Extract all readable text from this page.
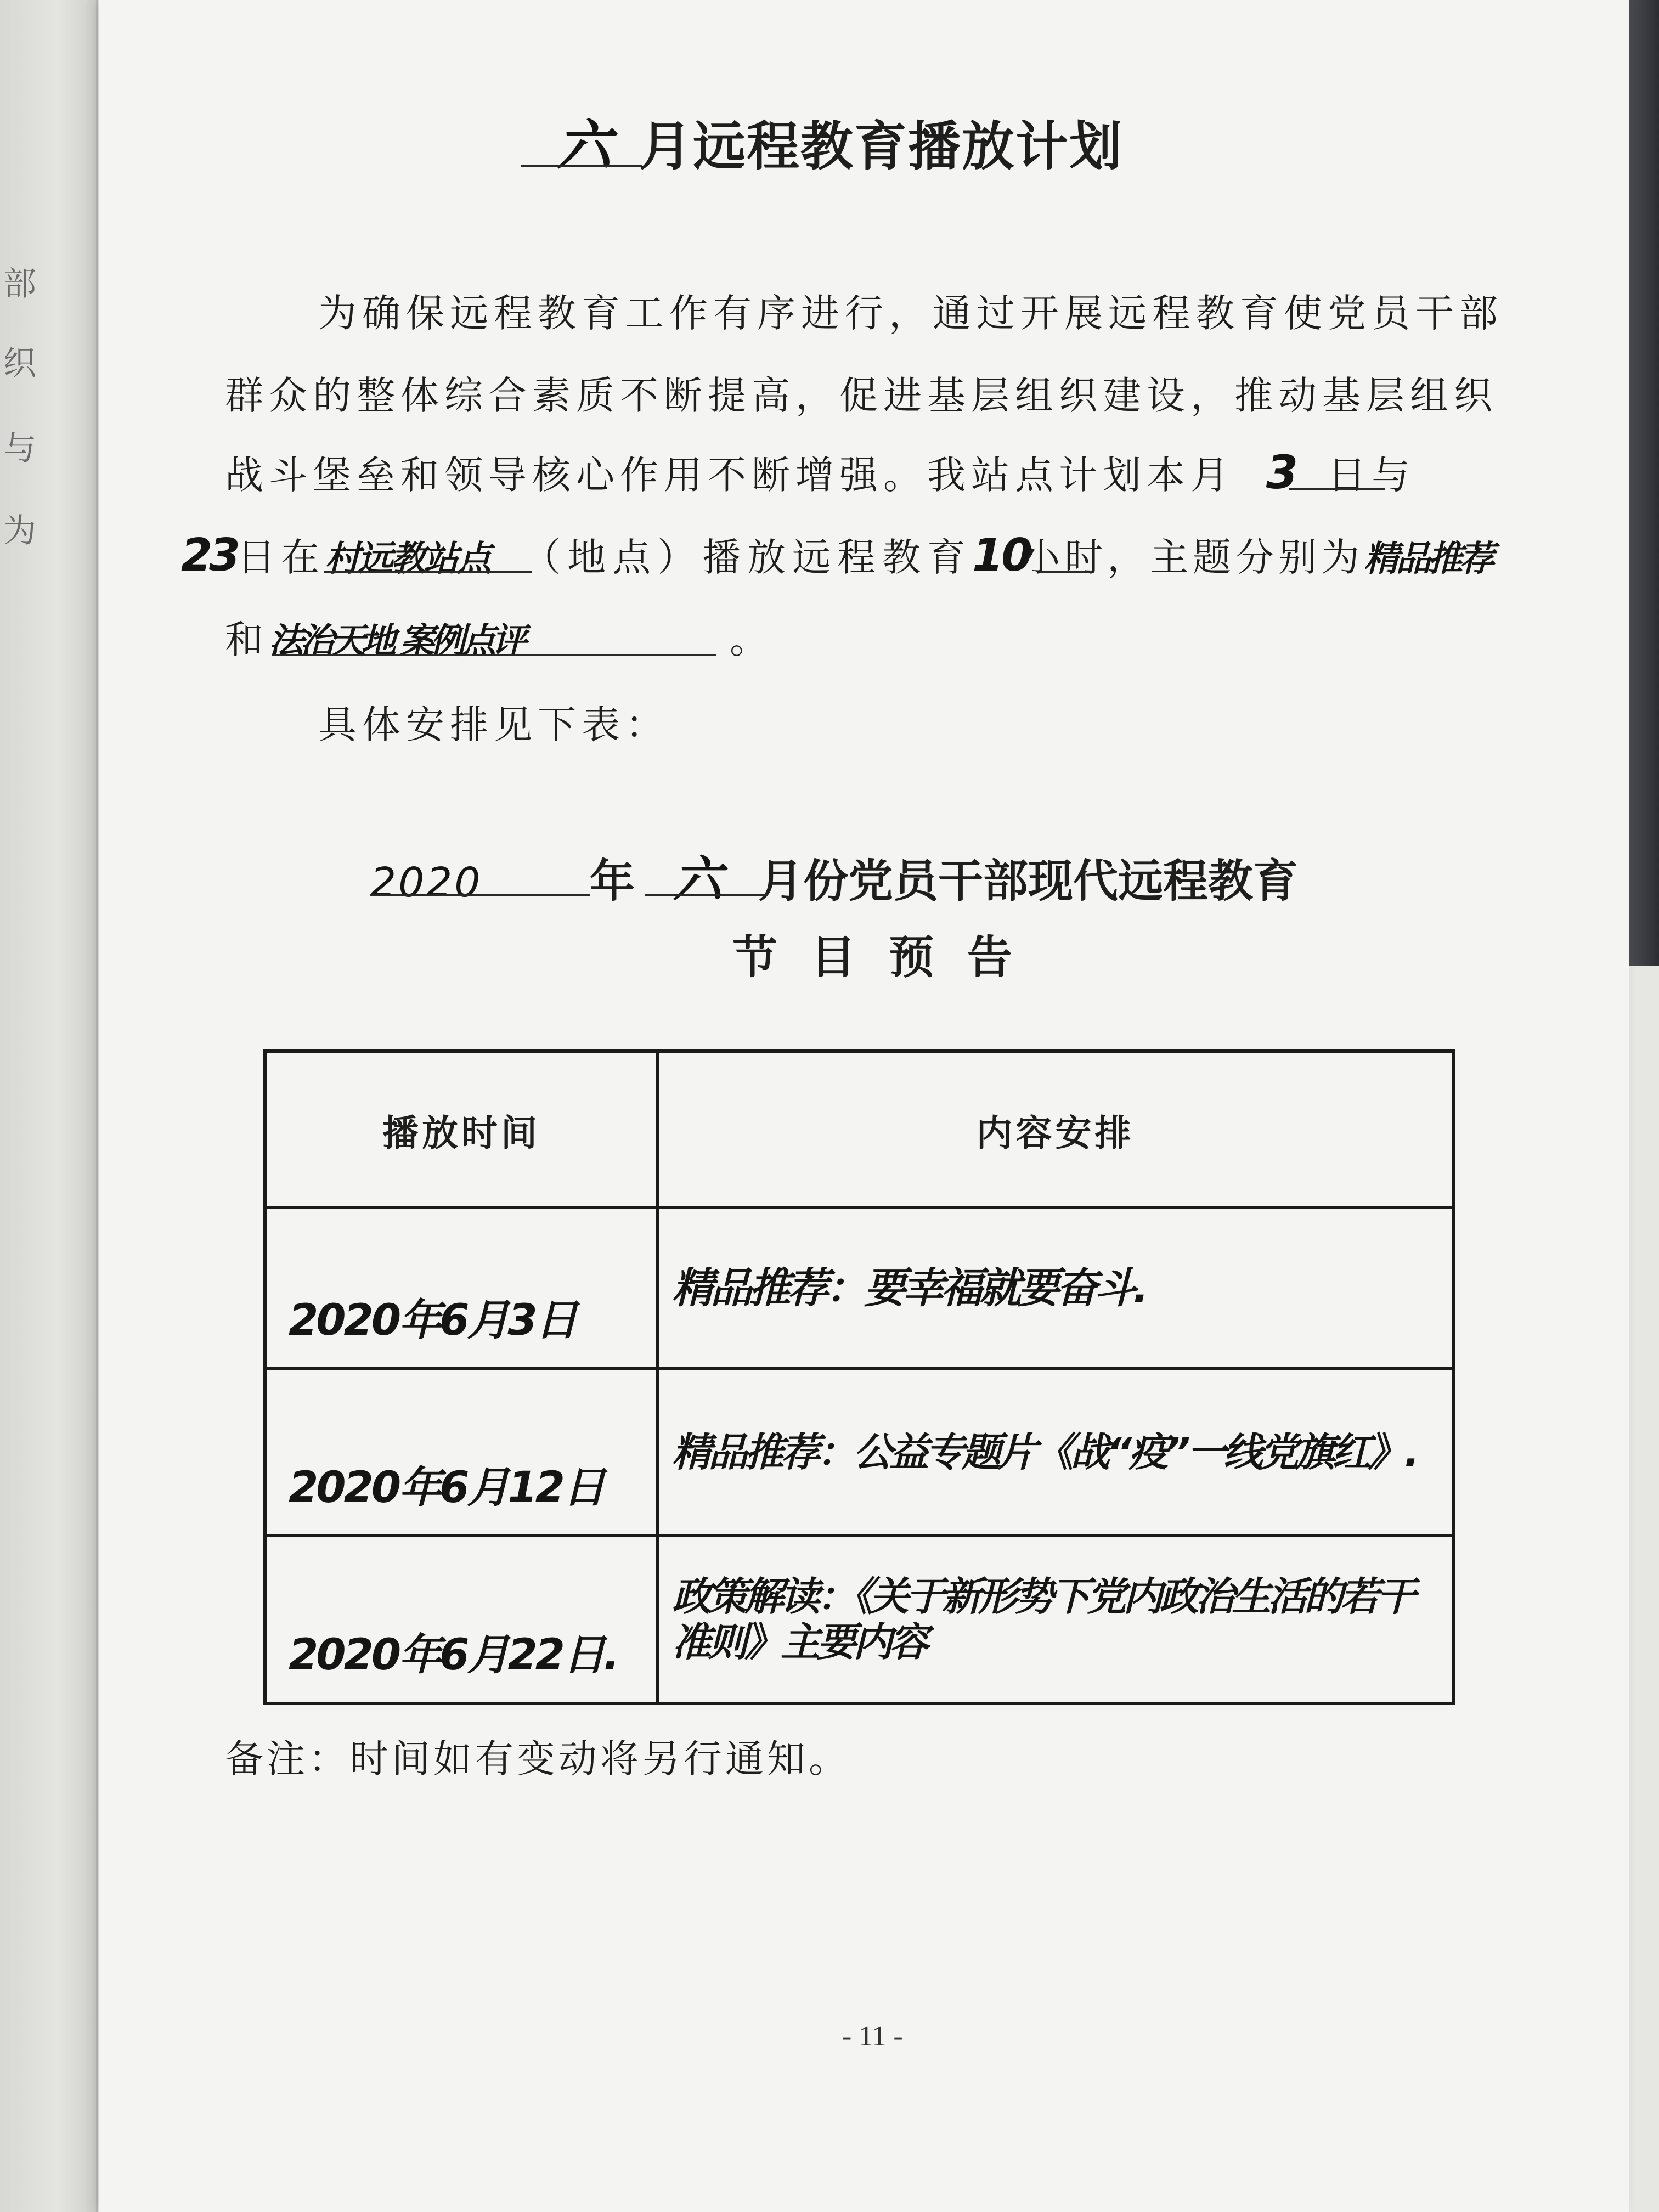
部
织
与
为
六 月远程教育播放计划
为确保远程教育工作有序进行，通过开展远程教育使党员干部
群众的整体综合素质不断提高，促进基层组织建设，推动基层组织
战斗堡垒和领导核心作用不断增强。我站点计划本月 3 日与
23日在村远教站点 （地点）播放远程教育10小时，主题分别为精品推荐
和法治天地 案例点评	。
具体安排见下表：
2020 年 六 月份党员干部现代远程教育
节 目 预 告
播放时间	内容安排

2020年6月3日	精品推荐：要幸福就要奋斗.

2020年6月12日	精品推荐：公益专题片《战“疫”一线党旗红》.

2020年6月22日.	政策解读：《关于新形势下党内政治生活的若干准则》主要内容
备注：时间如有变动将另行通知。
- 11 -
